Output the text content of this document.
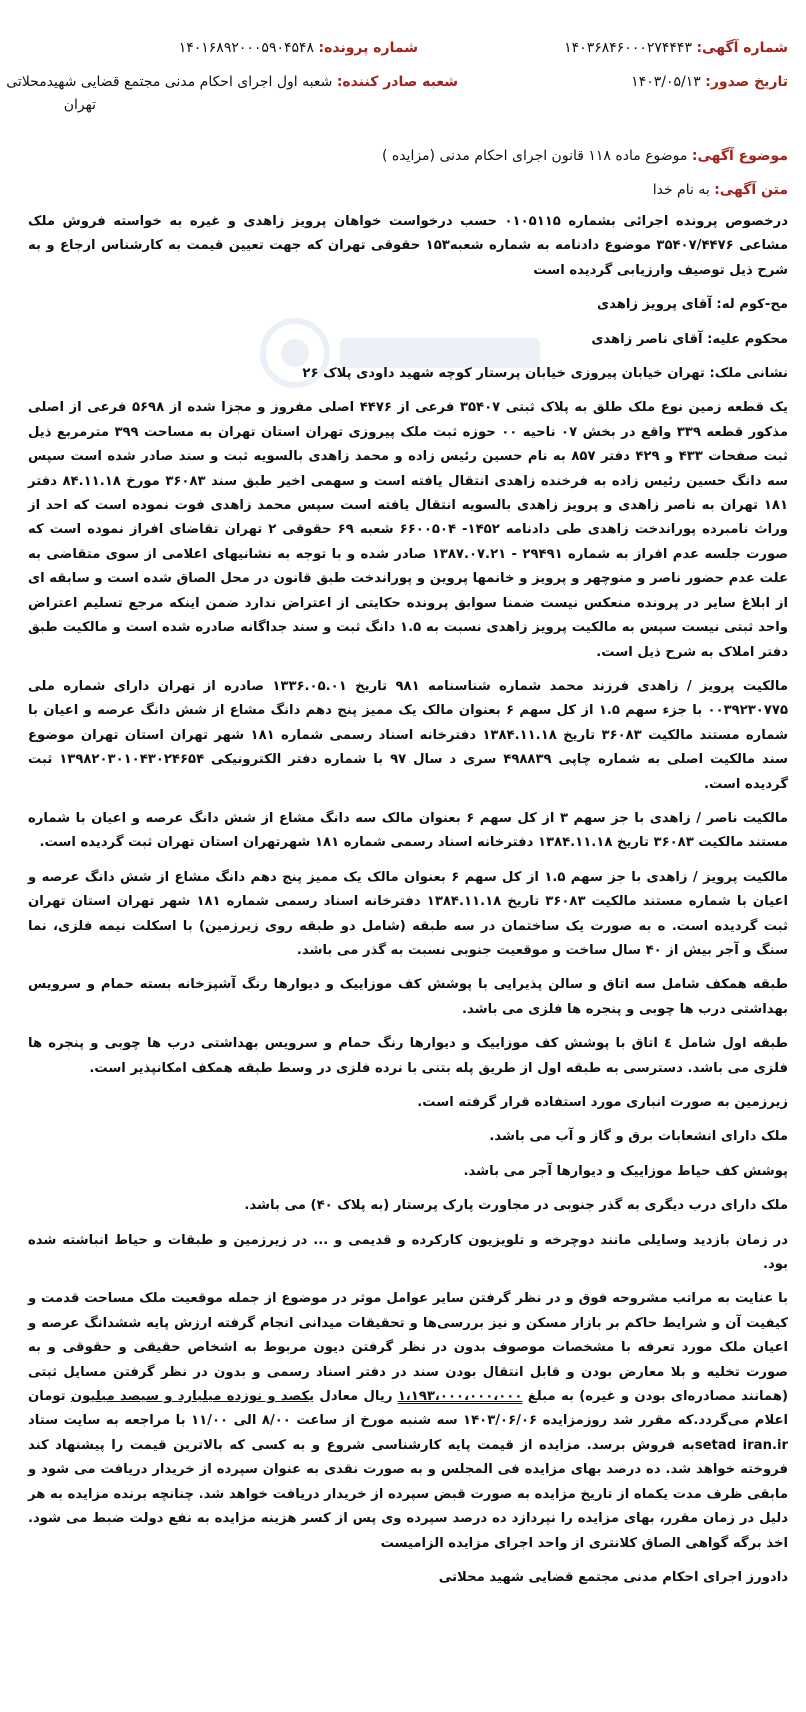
شماره آگهی: ۱۴۰۳۶۸۴۶۰۰۰۲۷۴۴۴۳
شماره پرونده: ۱۴۰۱۶۸۹۲۰۰۰۵۹۰۴۵۴۸
تاریخ صدور: ۱۴۰۳/۰۵/۱۳
شعبه صادر کننده: شعبه اول اجرای احکام مدنی مجتمع قضایی شهیدمحلاتی
تهران
موضوع آگهی: موضوع ماده ۱۱۸ قانون اجرای احکام مدنی (مزایده )
متن آگهی: به نام خدا

درخصوص پرونده اجرائی بشماره ۰۱۰۵۱۱۵ حسب درخواست خواهان پرویز زاهدی و غیره به خواسته فروش ملک مشاعی ۳۵۴۰۷/۴۴۷۶ موضوع دادنامه به شماره شعبه۱۵۳ حقوقی تهران که جهت تعیین قیمت به کارشناس ارجاع و به شرح ذیل توصیف وارزیابی گردیده است

مح-کوم له: آقای پرویز زاهدی

محکوم علیه: آقای ناصر زاهدی

نشانی ملک: تهران خیابان پیروزی خیابان پرستار کوچه شهید داودی پلاک ۲۶

یک قطعه زمین نوع ملک طلق به پلاک ثبتی ۳۵۴۰۷ فرعی از ۴۴۷۶ اصلی مفروز و مجزا شده از ۵۶۹۸ فرعی از اصلی مذکور قطعه ۳۳۹ واقع در بخش ۰۷ ناحیه ۰۰ حوزه ثبت ملک پیروزی تهران استان تهران به مساحت ۳۹۹ مترمربع ذیل ثبت صفحات ۴۳۳ و ۴۲۹ دفتر ۸۵۷ به نام حسین رئیس زاده و محمد زاهدی بالسویه ثبت و سند صادر شده است سپس سه دانگ حسین رئیس زاده به فرخنده زاهدی انتقال یافته است و سهمی اخیر طبق سند ۳۶۰۸۳ مورخ ۸۴.۱۱.۱۸ دفتر ۱۸۱ تهران به ناصر زاهدی و پرویز زاهدی بالسویه انتقال یافته است سپس محمد زاهدی فوت نموده است که احد از وراث نامبرده پوراندخت زاهدی طی دادنامه ۱۴۵۲- ۶۶۰۰۵۰۴ شعبه ۶۹ حقوقی ۲ تهران تقاضای افراز نموده است که صورت جلسه عدم افراز به شماره ۲۹۴۹۱ - ۱۳۸۷.۰۷.۲۱ صادر شده و با توجه به نشانیهای اعلامی از سوی متقاضی به علت عدم حضور ناصر و منوچهر و پرویز و خانمها پروین و پوراندخت طبق قانون در محل الصاق شده است و سابقه ای از ابلاغ سایر در پرونده منعکس نیست ضمنا سوابق پرونده حکایتی از اعتراض ندارد ضمن اینکه مرجع تسلیم اعتراض واحد ثبتی نیست سپس به مالکیت پرویز زاهدی نسبت به ۱.۵ دانگ ثبت و سند جداگانه صادره شده است و مالکیت طبق دفتر املاک به شرح ذیل است.

مالکیت پرویز / زاهدی فرزند محمد شماره شناسنامه ۹۸۱ تاریخ ۱۳۳۶.۰۵.۰۱ صادره از تهران دارای شماره ملی ۰۰۳۹۲۳۰۷۷۵ با جزء سهم ۱.۵ از کل سهم ۶ بعنوان مالک یک ممیز پنج دهم دانگ مشاع از شش دانگ عرصه و اعیان با شماره مستند مالکیت ۳۶۰۸۳ تاریخ ۱۳۸۴.۱۱.۱۸ دفترخانه اسناد رسمی شماره ۱۸۱ شهر تهران استان تهران موضوع سند مالکیت اصلی به شماره چاپی ۴۹۸۸۳۹ سری د سال ۹۷ با شماره دفتر الکترونیکی ۱۳۹۸۲۰۳۰۱۰۴۳۰۲۴۶۵۴ ثبت گردیده است.

مالکیت ناصر / زاهدی با جز سهم ۳ از کل سهم ۶ بعنوان مالک سه دانگ مشاع از شش دانگ عرصه و اعیان با شماره مستند مالکیت ۳۶۰۸۳ تاریخ ۱۳۸۴.۱۱.۱۸ دفترخانه اسناد رسمی شماره ۱۸۱ شهرتهران استان تهران ثبت گردیده است.

مالکیت پرویز / زاهدی با جز سهم ۱.۵ از کل سهم ۶ بعنوان مالک یک ممیز پنج دهم دانگ مشاع از شش دانگ عرصه و اعیان با شماره مستند مالکیت ۳۶۰۸۳ تاریخ ۱۳۸۴.۱۱.۱۸ دفترخانه اسناد رسمی شماره ۱۸۱ شهر تهران استان تهران ثبت گردیده است. ه به صورت یک ساختمان در سه طبقه (شامل دو طبقه روی زیرزمین) با اسکلت نیمه فلزی، نما سنگ و آجر بیش از ۴۰ سال ساخت و موقعیت جنوبی نسبت به گذر می باشد.

طبقه همکف شامل سه اتاق و سالن پذیرایی با پوشش کف موزاییک و دیوارها رنگ آشپزخانه بسته حمام و سرویس بهداشتی درب ها چوبی و پنجره ها فلزی می باشد.

طبقه اول شامل ٤ اتاق با پوشش کف موزاییک و دیوارها رنگ حمام و سرویس بهداشتی درب ها چوبی و پنجره ها فلزی می باشد. دسترسی به طبقه اول از طریق پله بتنی با نرده فلزی در وسط طبقه همکف امکانپذیر است.

زیرزمین به صورت انباری مورد استفاده قرار گرفته است.

ملک دارای انشعابات برق و گاز و آب می باشد.

پوشش کف حیاط موزاییک و دیوارها آجر می باشد.

ملک دارای درب دیگری به گذر جنوبی در مجاورت پارک پرستار (به پلاک ۴۰) می باشد.

در زمان بازدید وسایلی مانند دوچرخه و تلویزیون کارکرده و قدیمی و ... در زیرزمین و طبقات و حیاط انباشته شده بود.

با عنایت به مراتب مشروحه فوق و در نظر گرفتن سایر عوامل موثر در موضوع از جمله موقعیت ملک مساحت قدمت و کیفیت آن و شرایط حاکم بر بازار مسکن و نیز بررسی‌ها و تحقیقات میدانی انجام گرفته ارزش پایه ششدانگ عرصه و اعیان ملک مورد تعرفه با مشخصات موصوف بدون در نظر گرفتن دیون مربوط به اشخاص حقیقی و حقوقی و به صورت تخلیه و بلا معارض بودن و قابل انتقال بودن سند در دفتر اسناد رسمی و بدون در نظر گرفتن مسایل ثبتی (همانند مصادره‌ای بودن و غیره) به مبلغ ۱،۱۹۳،۰۰۰،۰۰۰،۰۰۰ ریال معادل یکصد و نوزده میلیارد و سیصد میلیون تومان اعلام می‌گردد.که مقرر شد روزمزایده ۱۴۰۳/۰۶/۰۶ سه شنبه مورخ از ساعت ۸/۰۰ الی ۱۱/۰۰ با مراجعه به سایت ستاد setad iran.irبه فروش برسد. مزایده از قیمت پایه کارشناسی شروع و به کسی که بالاترین قیمت را پیشنهاد کند فروخته خواهد شد. ده درصد بهای مزایده فی المجلس و به صورت نقدی به عنوان سپرده از خریدار دریافت می شود و مابقی ظرف مدت یکماه از تاریخ مزایده به صورت قبض سپرده از خریدار دریافت خواهد شد. چنانچه برنده مزایده به هر دلیل در زمان مقرر، بهای مزایده را نپردازد ده درصد سپرده وی پس از کسر هزینه مزایده به نفع دولت ضبط می شود. اخذ برگه گواهی الصاق کلانتری از واحد اجرای مزایده الزامیست

دادورز اجرای احکام مدنی مجتمع قضایی شهید محلاتی
